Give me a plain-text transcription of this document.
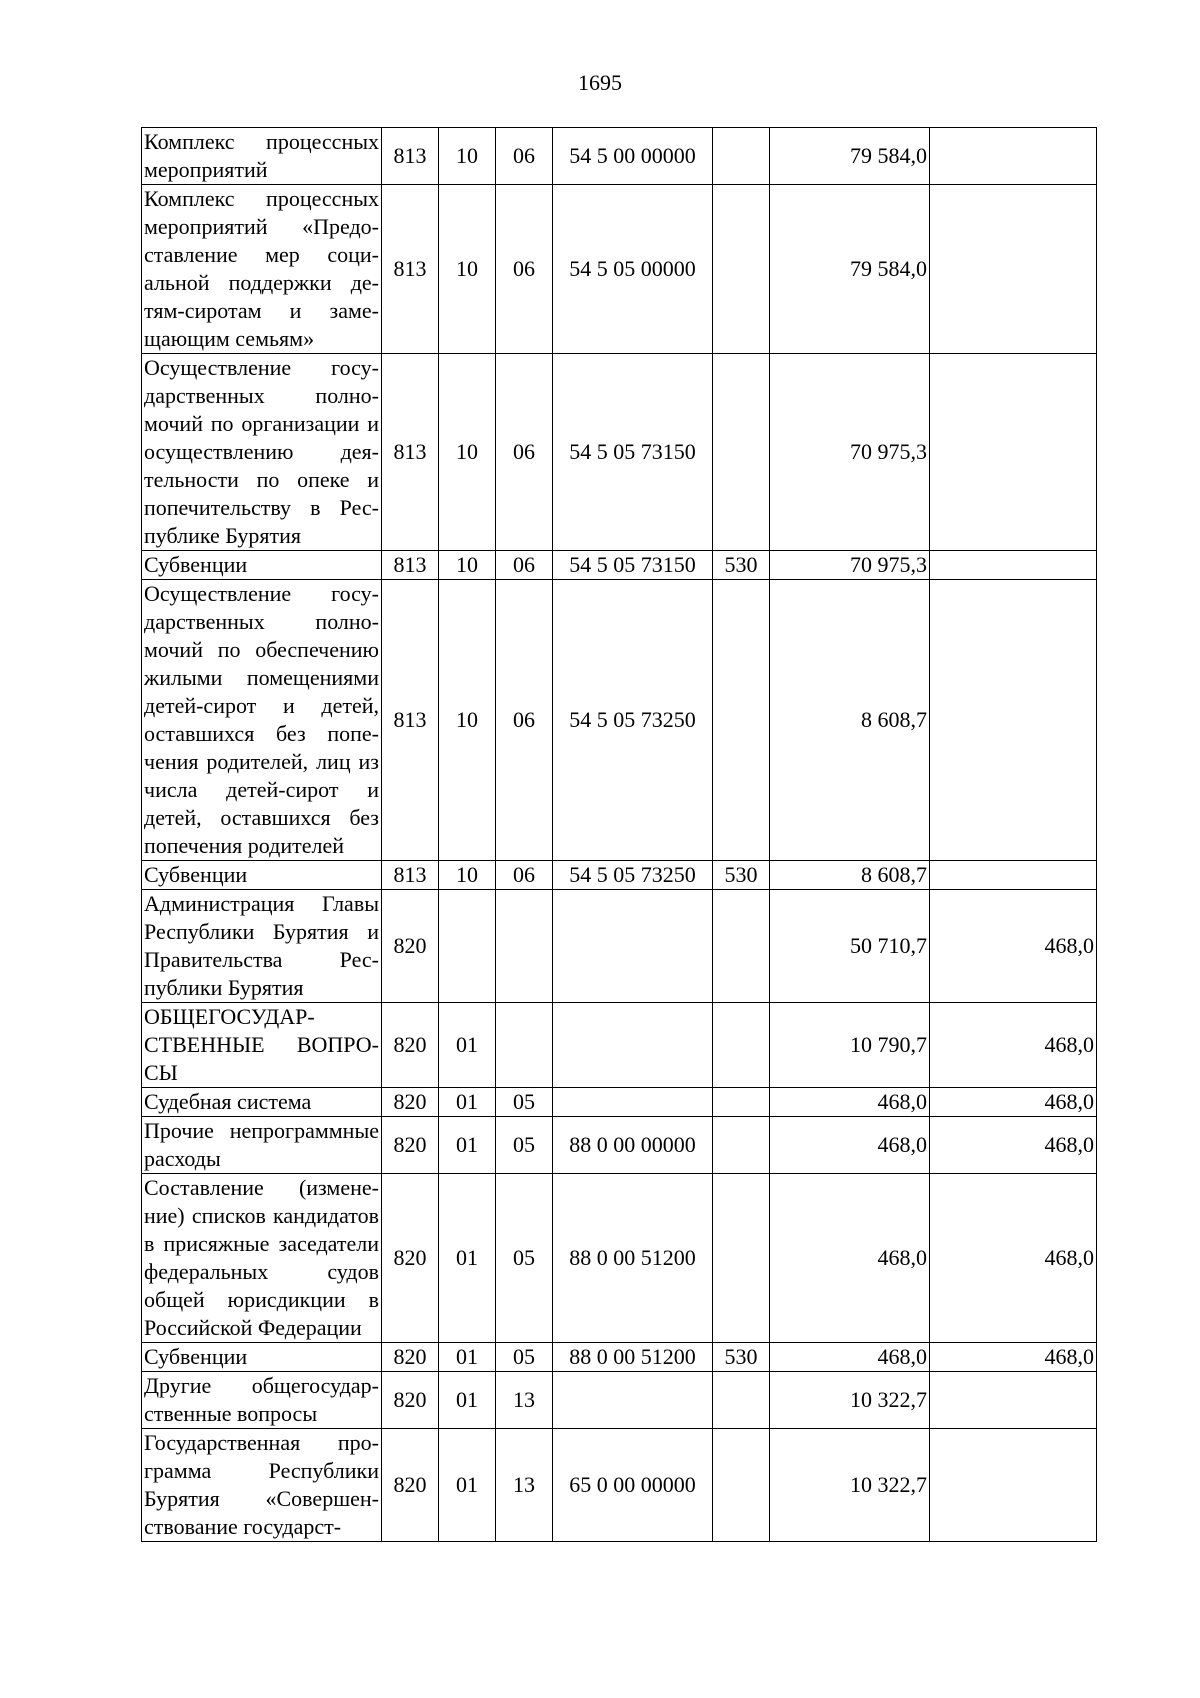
1695
Комплекс процессных мероприятий	813	10	06	54 5 00 00000		79 584,0	
Комплекс процессных мероприятий «Предоставление мер социальной поддержки детям-сиротам и замещающим семьям»	813	10	06	54 5 05 00000		79 584,0	
Осуществление государственных полномочий по организации и осуществлению деятельности по опеке и попечительству в Республике Бурятия	813	10	06	54 5 05 73150		70 975,3	
Субвенции	813	10	06	54 5 05 73150	530	70 975,3	
Осуществление государственных полномочий по обеспечению жилыми помещениями детей-сирот и детей, оставшихся без попечения родителей, лиц из числа детей-сирот и детей, оставшихся без попечения родителей	813	10	06	54 5 05 73250		8 608,7	
Субвенции	813	10	06	54 5 05 73250	530	8 608,7	
Администрация Главы Республики Бурятия и Правительства Республики Бурятия	820					50 710,7	468,0
ОБЩЕГОСУДАРСТВЕННЫЕ ВОПРОСЫ	820	01				10 790,7	468,0
Судебная система	820	01	05			468,0	468,0
Прочие непрограммные расходы	820	01	05	88 0 00 00000		468,0	468,0
Составление (изменение) списков кандидатов в присяжные заседатели федеральных судов общей юрисдикции в Российской Федерации	820	01	05	88 0 00 51200		468,0	468,0
Субвенции	820	01	05	88 0 00 51200	530	468,0	468,0
Другие общегосударственные вопросы	820	01	13			10 322,7	
Государственная программа Республики Бурятия «Совершенствование государст-	820	01	13	65 0 00 00000		10 322,7	
